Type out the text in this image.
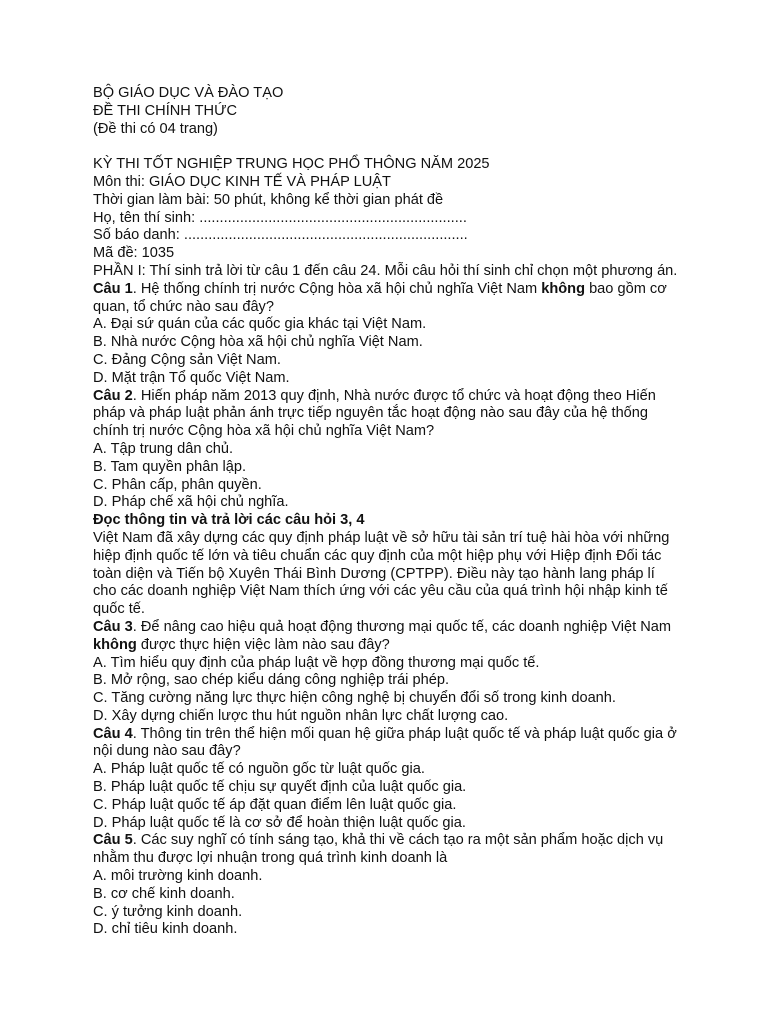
BỘ GIÁO DỤC VÀ ĐÀO TẠO
ĐỀ THI CHÍNH THỨC
(Đề thi có 04 trang)
KỲ THI TỐT NGHIỆP TRUNG HỌC PHỔ THÔNG NĂM 2025
Môn thi: GIÁO DỤC KINH TẾ VÀ PHÁP LUẬT
Thời gian làm bài: 50 phút, không kể thời gian phát đề
Họ, tên thí sinh: ..................................................................
Số báo danh: ......................................................................
Mã đề: 1035
PHẦN I: Thí sinh trả lời từ câu 1 đến câu 24. Mỗi câu hỏi thí sinh chỉ chọn một phương án.
Câu 1. Hệ thống chính trị nước Cộng hòa xã hội chủ nghĩa Việt Nam không bao gồm cơ quan, tổ chức nào sau đây?
A. Đại sứ quán của các quốc gia khác tại Việt Nam.
B. Nhà nước Cộng hòa xã hội chủ nghĩa Việt Nam.
C. Đảng Cộng sản Việt Nam.
D. Mặt trận Tổ quốc Việt Nam.
Câu 2. Hiến pháp năm 2013 quy định, Nhà nước được tổ chức và hoạt động theo Hiến pháp và pháp luật phản ánh trực tiếp nguyên tắc hoạt động nào sau đây của hệ thống chính trị nước Cộng hòa xã hội chủ nghĩa Việt Nam?
A. Tập trung dân chủ.
B. Tam quyền phân lập.
C. Phân cấp, phân quyền.
D. Pháp chế xã hội chủ nghĩa.
Đọc thông tin và trả lời các câu hỏi 3, 4
Việt Nam đã xây dựng các quy định pháp luật về sở hữu tài sản trí tuệ hài hòa với những hiệp định quốc tế lớn và tiêu chuẩn các quy định của một hiệp phụ với Hiệp định Đối tác toàn diện và Tiến bộ Xuyên Thái Bình Dương (CPTPP). Điều này tạo hành lang pháp lí cho các doanh nghiệp Việt Nam thích ứng với các yêu cầu của quá trình hội nhập kinh tế quốc tế.
Câu 3. Để nâng cao hiệu quả hoạt động thương mại quốc tế, các doanh nghiệp Việt Nam không được thực hiện việc làm nào sau đây?
A. Tìm hiểu quy định của pháp luật về hợp đồng thương mại quốc tế.
B. Mở rộng, sao chép kiểu dáng công nghiệp trái phép.
C. Tăng cường năng lực thực hiện công nghệ bị chuyển đổi số trong kinh doanh.
D. Xây dựng chiến lược thu hút nguồn nhân lực chất lượng cao.
Câu 4. Thông tin trên thể hiện mối quan hệ giữa pháp luật quốc tế và pháp luật quốc gia ở nội dung nào sau đây?
A. Pháp luật quốc tế có nguồn gốc từ luật quốc gia.
B. Pháp luật quốc tế chịu sự quyết định của luật quốc gia.
C. Pháp luật quốc tế áp đặt quan điểm lên luật quốc gia.
D. Pháp luật quốc tế là cơ sở để hoàn thiện luật quốc gia.
Câu 5. Các suy nghĩ có tính sáng tạo, khả thi về cách tạo ra một sản phẩm hoặc dịch vụ nhằm thu được lợi nhuận trong quá trình kinh doanh là
A. môi trường kinh doanh.
B. cơ chế kinh doanh.
C. ý tưởng kinh doanh.
D. chỉ tiêu kinh doanh.
